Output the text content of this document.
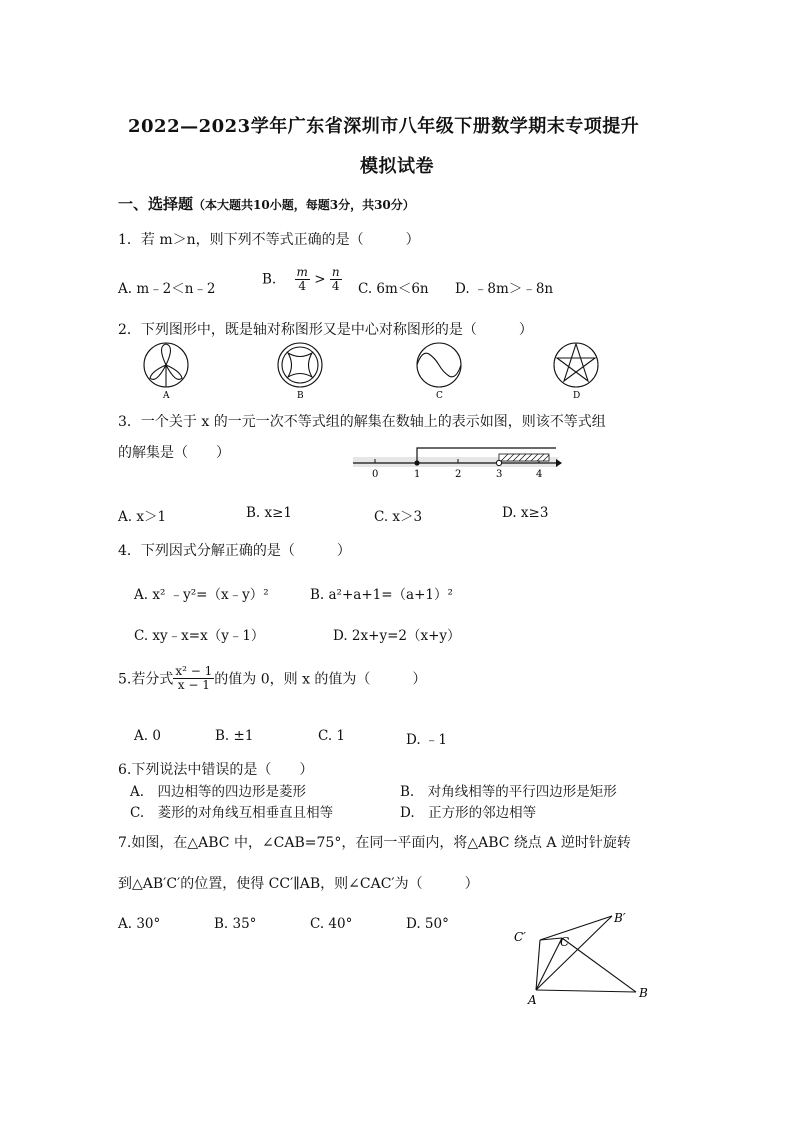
2022—2023学年广东省深圳市八年级下册数学期末专项提升
模拟试卷
一、选择题（本大题共10小题，每题3分，共30分）
1．若 m＞n，则下列不等式正确的是（　　　）
A. m﹣2＜n﹣2
B. $\frac{m}{4} > \frac{n}{4} C$. 6m＜6n D. ﹣8m＞﹣8n
2．下列图形中，既是轴对称图形又是中心对称图形的是（　　　）
A	B	C	D
3．一个关于 x 的一元一次不等式组的解集在数轴上的表示如图，则该不等式组
的解集是（　　）
0	1	2	3	4
A. x＞1	B. x≥1	C. x＞3	D. x≥3
4．下列因式分解正确的是（　　　）
A. x² ﹣y²=（x﹣y）²	B. a²+a+1=（a+1）²
C. xy﹣x=x（y﹣1）	D. 2x+y=2（x+y）
5.若分式 $\frac{\text{x² − 1}}{x - 1}$ 的值为 0，则 x 的值为（　　　）
A. 0	B. ±1	C. 1	D. ﹣1
6.下列说法中错误的是（　　）
A.　四边相等的四边形是菱形	B.　对角线相等的平行四边形是矩形
C.　菱形的对角线互相垂直且相等	D.　正方形的邻边相等
7.如图，在△ABC 中，∠CAB=75°，在同一平面内，将△ABC 绕点 A 逆时针旋转
到△AB′C′的位置，使得 CC′∥AB，则∠CAC′为（　　　）
A. 30°	B. 35°	C. 40°	D. 50°
C′	C
B′
A	B
